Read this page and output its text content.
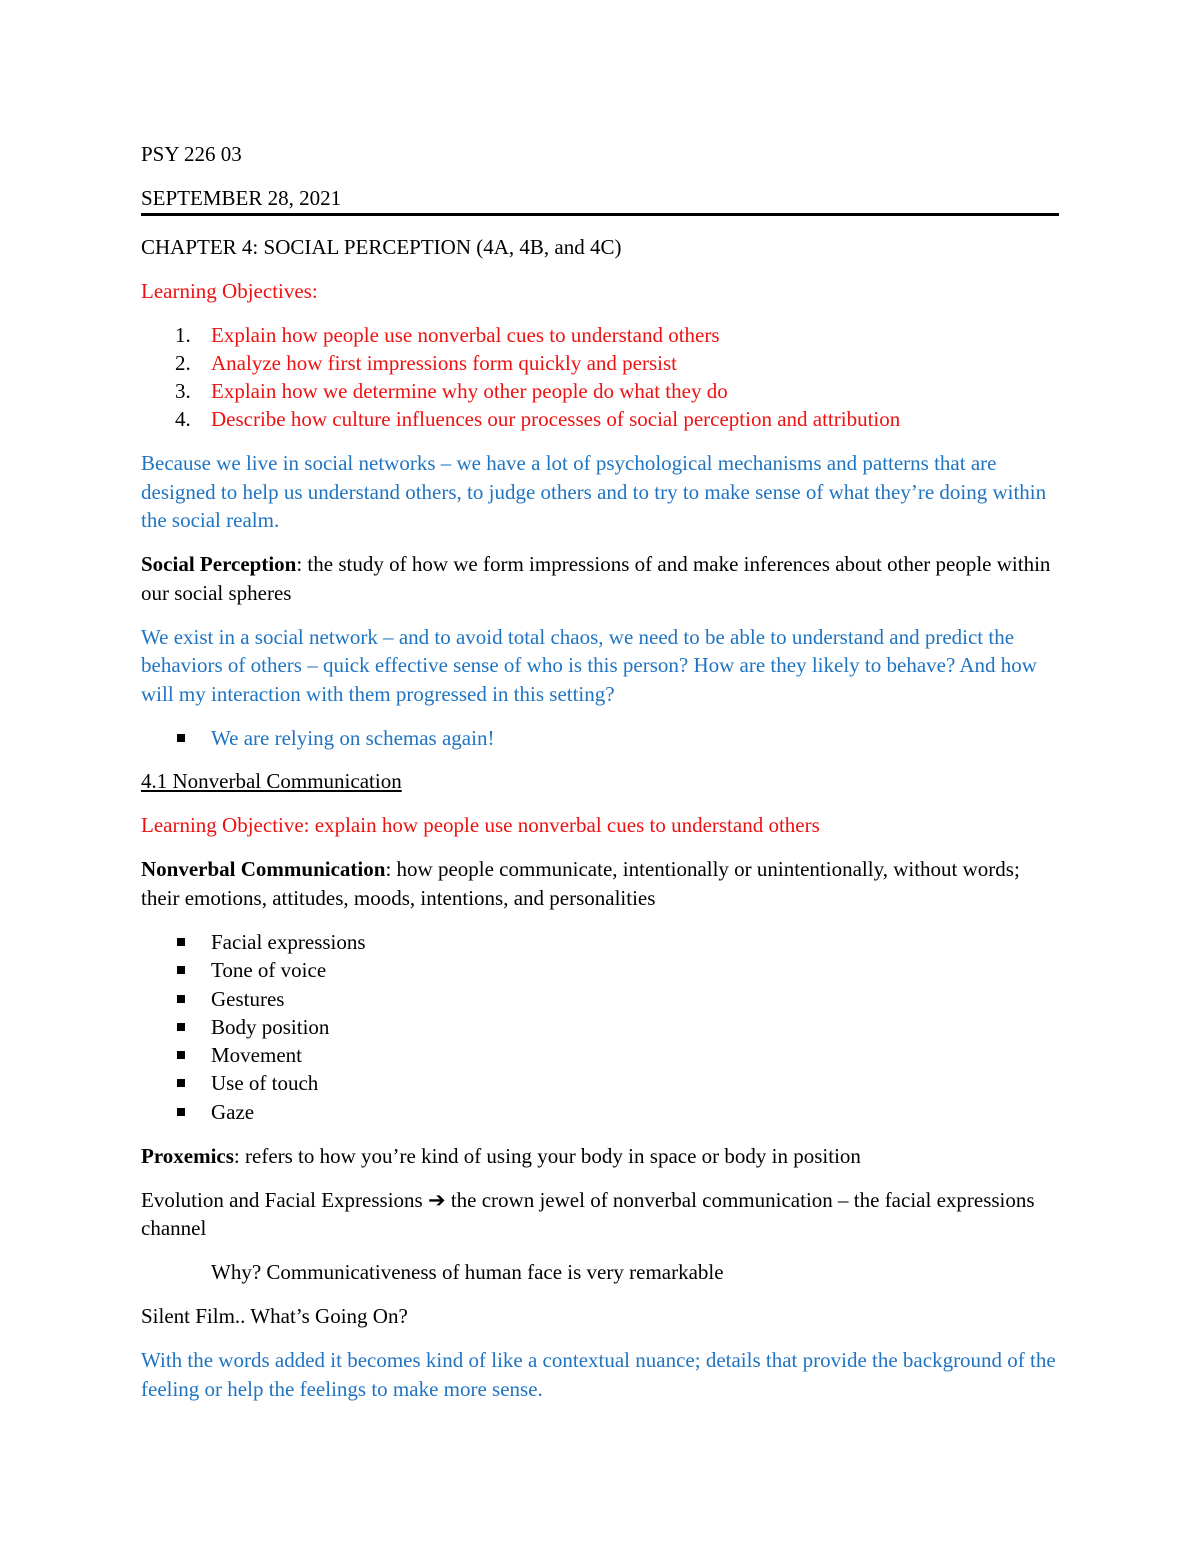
PSY 226 03

SEPTEMBER 28, 2021

CHAPTER 4: SOCIAL PERCEPTION (4A, 4B, and 4C)

Learning Objectives:

1. Explain how people use nonverbal cues to understand others
2. Analyze how first impressions form quickly and persist
3. Explain how we determine why other people do what they do
4. Describe how culture influences our processes of social perception and attribution

Because we live in social networks – we have a lot of psychological mechanisms and patterns that are designed to help us understand others, to judge others and to try to make sense of what they’re doing within the social realm.

Social Perception: the study of how we form impressions of and make inferences about other people within our social spheres

We exist in a social network – and to avoid total chaos, we need to be able to understand and predict the behaviors of others – quick effective sense of who is this person? How are they likely to behave? And how will my interaction with them progressed in this setting?

We are relying on schemas again!

4.1 Nonverbal Communication

Learning Objective: explain how people use nonverbal cues to understand others

Nonverbal Communication: how people communicate, intentionally or unintentionally, without words; their emotions, attitudes, moods, intentions, and personalities

Facial expressions
Tone of voice
Gestures
Body position
Movement
Use of touch
Gaze

Proxemics: refers to how you’re kind of using your body in space or body in position

Evolution and Facial Expressions ➔ the crown jewel of nonverbal communication – the facial expressions channel

Why? Communicativeness of human face is very remarkable

Silent Film.. What’s Going On?

With the words added it becomes kind of like a contextual nuance; details that provide the background of the feeling or help the feelings to make more sense.
